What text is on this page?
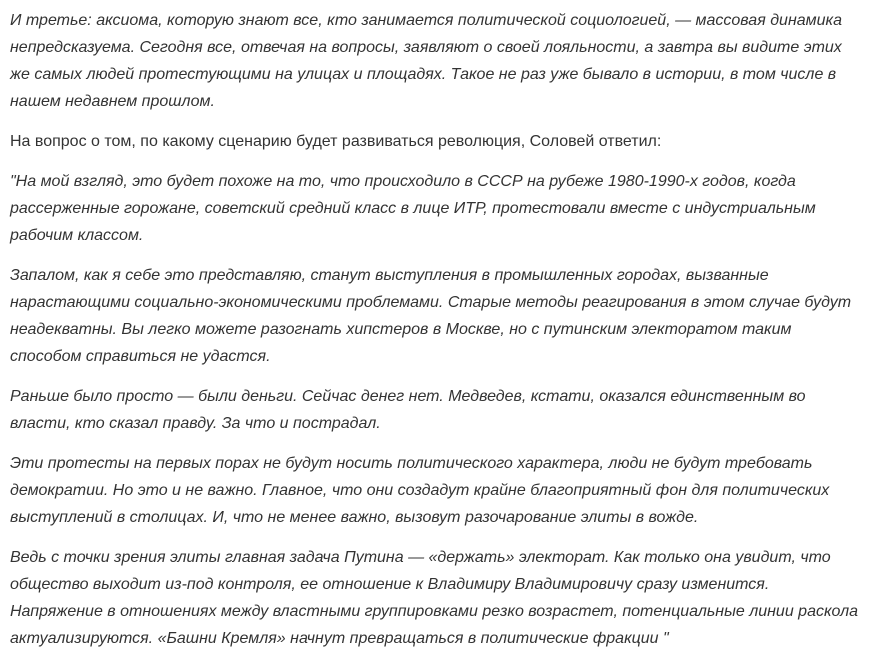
И третье: аксиома, которую знают все, кто занимается политической социологией, — массовая динамика непредсказуема. Сегодня все, отвечая на вопросы, заявляют о своей лояльности, а завтра вы видите этих же самых людей протестующими на улицах и площадях. Такое не раз уже бывало в истории, в том числе в нашем недавнем прошлом.

На вопрос о том, по какому сценарию будет развиваться революция, Соловей ответил:

"На мой взгляд, это будет похоже на то, что происходило в СССР на рубеже 1980-1990-х годов, когда рассерженные горожане, советский средний класс в лице ИТР, протестовали вместе с индустриальным рабочим классом.

Запалом, как я себе это представляю, станут выступления в промышленных городах, вызванные нарастающими социально-экономическими проблемами. Старые методы реагирования в этом случае будут неадекватны. Вы легко можете разогнать хипстеров в Москве, но с путинским электоратом таким способом справиться не удастся.

Раньше было просто — были деньги. Сейчас денег нет. Медведев, кстати, оказался единственным во власти, кто сказал правду. За что и пострадал.

Эти протесты на первых порах не будут носить политического характера, люди не будут требовать демократии. Но это и не важно. Главное, что они создадут крайне благоприятный фон для политических выступлений в столицах. И, что не менее важно, вызовут разочарование элиты в вожде.

Ведь с точки зрения элиты главная задача Путина — «держать» электорат. Как только она увидит, что общество выходит из-под контроля, ее отношение к Владимиру Владимировичу сразу изменится. Напряжение в отношениях между властными группировками резко возрастет, потенциальные линии раскола актуализируются. «Башни Кремля» начнут превращаться в политические фракции "
